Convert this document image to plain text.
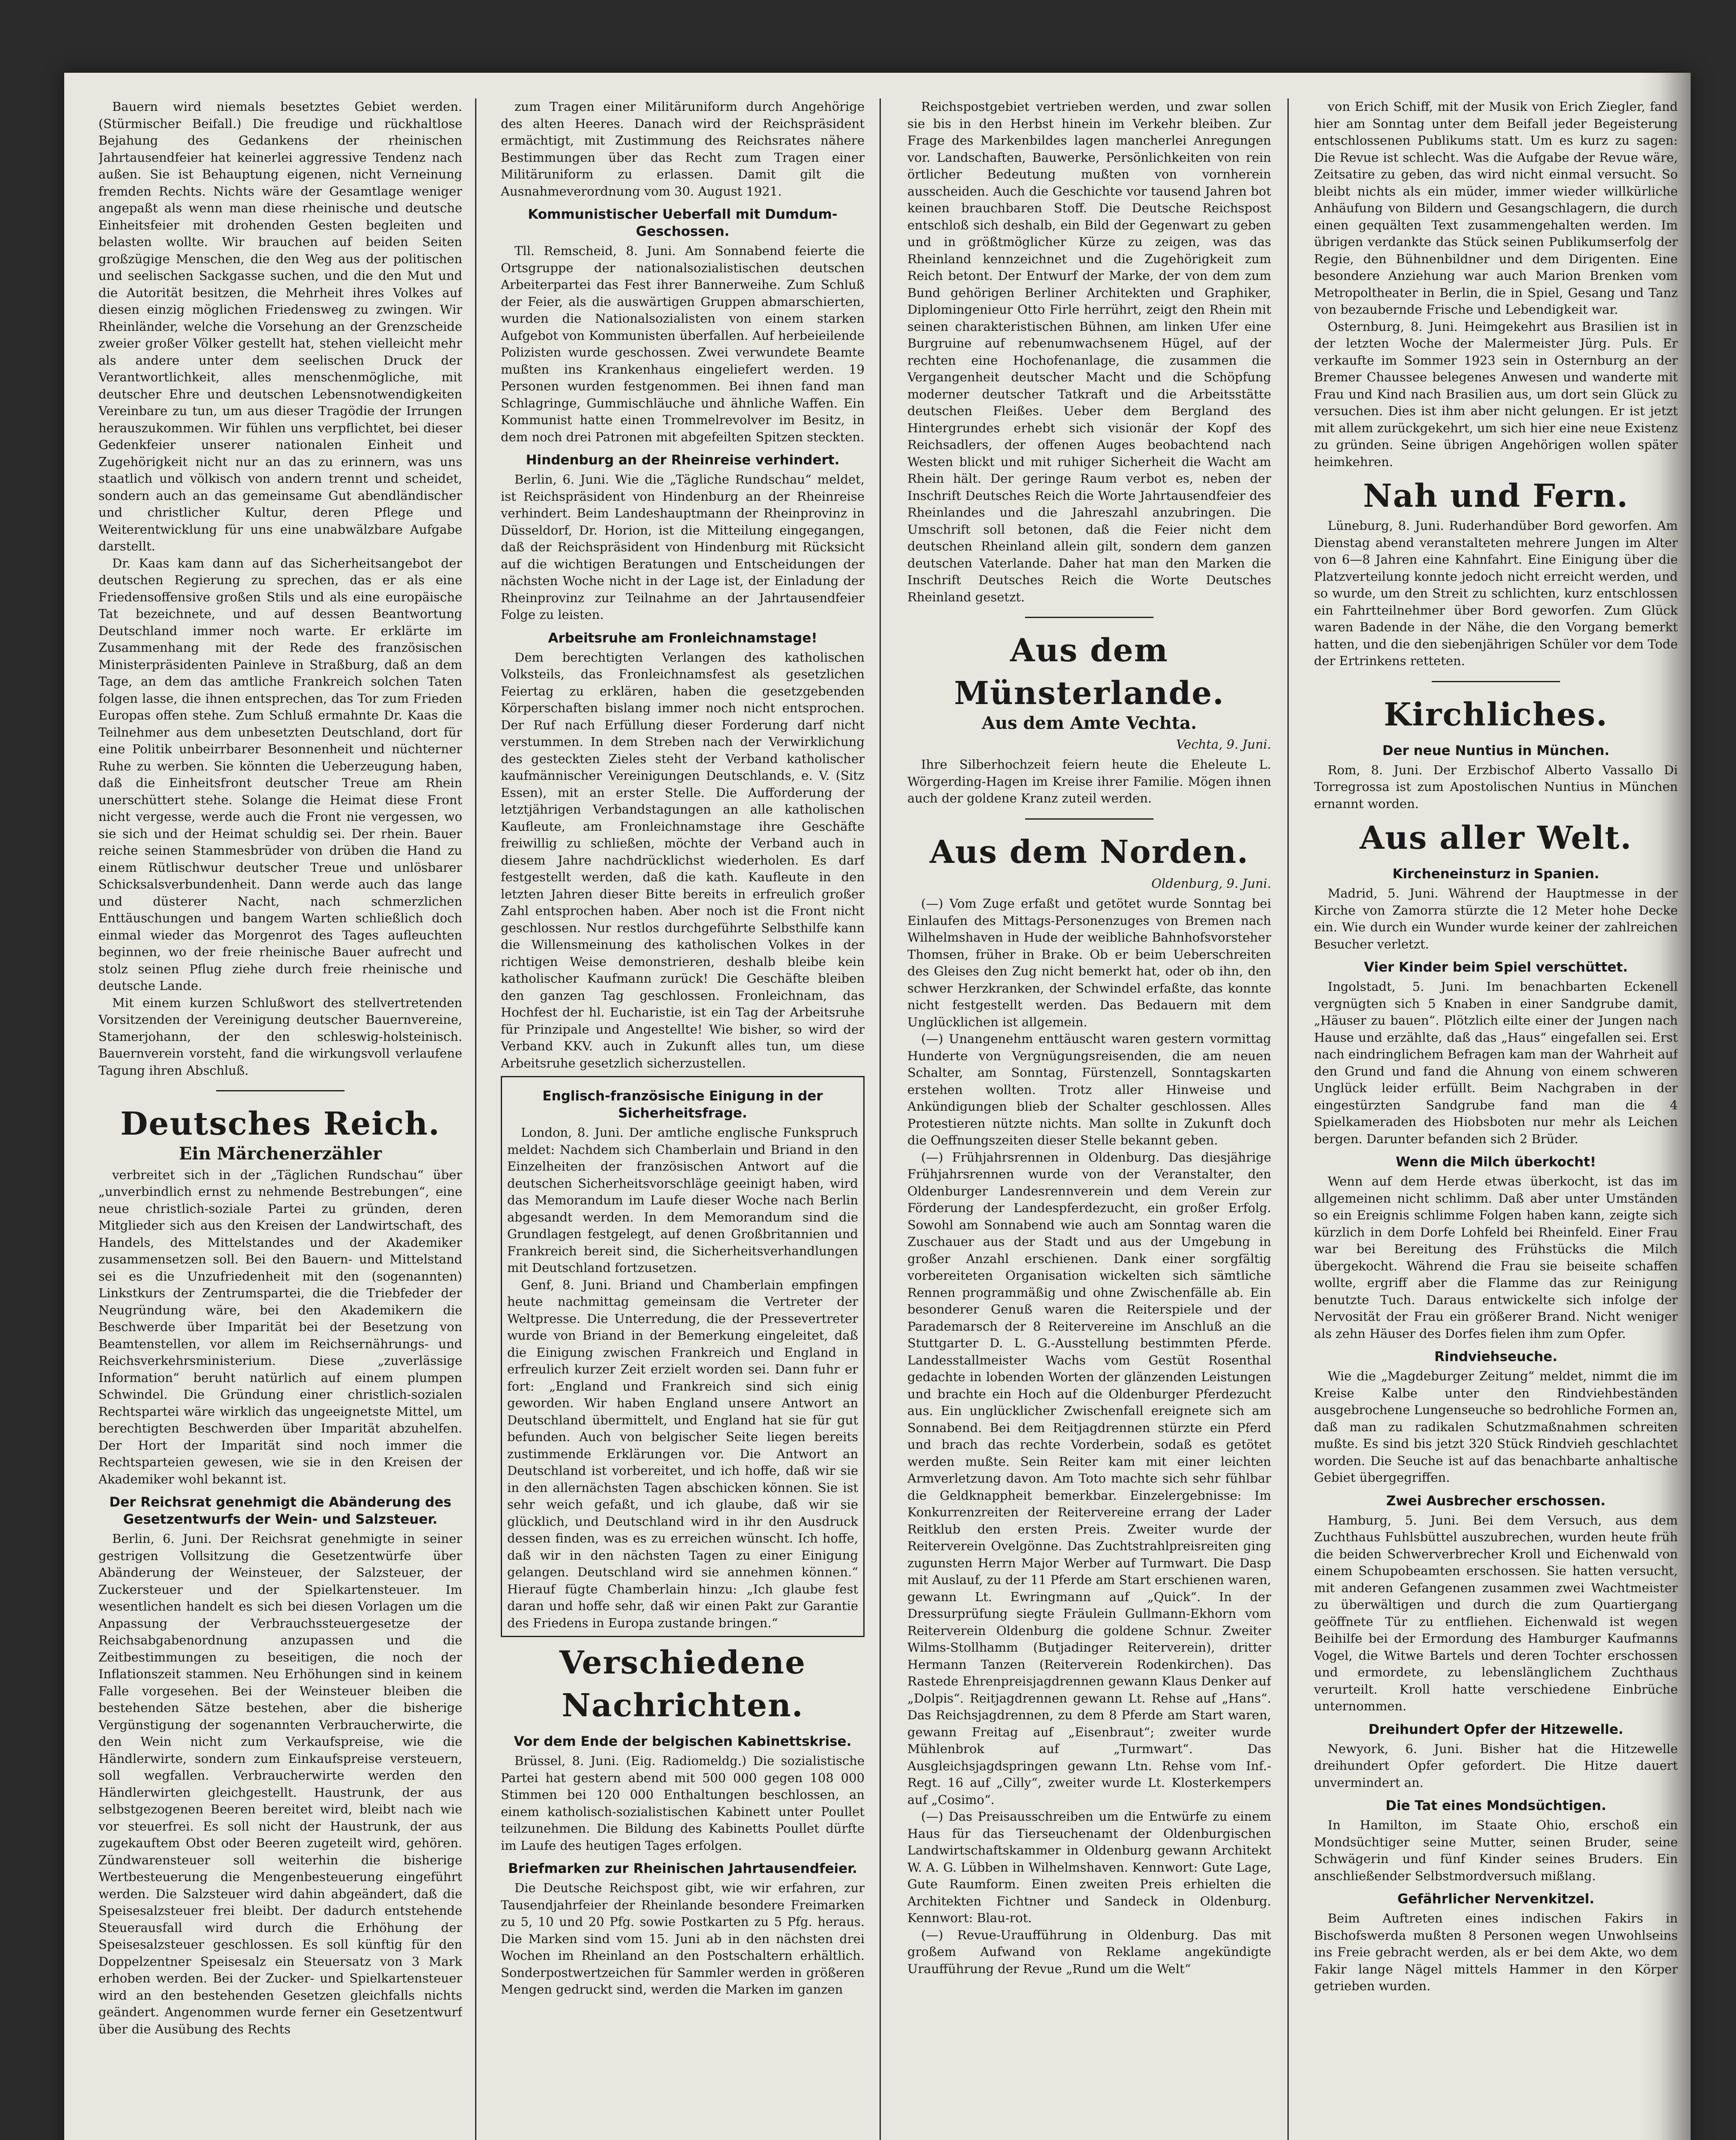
Bauern wird niemals besetztes Gebiet werden. (Stürmischer Beifall.) Die freudige und rückhaltlose Bejahung des Gedankens der rheinischen Jahrtausendfeier hat keinerlei aggressive Tendenz nach außen. Sie ist Behauptung eigenen, nicht Verneinung fremden Rechts. Nichts wäre der Gesamtlage weniger angepaßt als wenn man diese rheinische und deutsche Einheitsfeier mit drohenden Gesten begleiten und belasten wollte. Wir brauchen auf beiden Seiten großzügige Menschen, die den Weg aus der politischen und seelischen Sackgasse suchen, und die den Mut und die Autorität besitzen, die Mehrheit ihres Volkes auf diesen einzig möglichen Friedensweg zu zwingen. Wir Rheinländer, welche die Vorsehung an der Grenzscheide zweier großer Völker gestellt hat, stehen vielleicht mehr als andere unter dem seelischen Druck der Verantwortlichkeit, alles menschenmögliche, mit deutscher Ehre und deutschen Lebensnotwendigkeiten Vereinbare zu tun, um aus dieser Tragödie der Irrungen herauszukommen. Wir fühlen uns verpflichtet, bei dieser Gedenkfeier unserer nationalen Einheit und Zugehörigkeit nicht nur an das zu erinnern, was uns staatlich und völkisch von andern trennt und scheidet, sondern auch an das gemeinsame Gut abendländischer und christlicher Kultur, deren Pflege und Weiterentwicklung für uns eine unabwälzbare Aufgabe darstellt.

Dr. Kaas kam dann auf das Sicherheitsangebot der deutschen Regierung zu sprechen, das er als eine Friedensoffensive großen Stils und als eine europäische Tat bezeichnete, und auf dessen Beantwortung Deutschland immer noch warte. Er erklärte im Zusammenhang mit der Rede des französischen Ministerpräsidenten Painleve in Straßburg, daß an dem Tage, an dem das amtliche Frankreich solchen Taten folgen lasse, die ihnen entsprechen, das Tor zum Frieden Europas offen stehe. Zum Schluß ermahnte Dr. Kaas die Teilnehmer aus dem unbesetzten Deutschland, dort für eine Politik unbeirrbarer Besonnenheit und nüchterner Ruhe zu werben. Sie könnten die Ueberzeugung haben, daß die Einheitsfront deutscher Treue am Rhein unerschüttert stehe. Solange die Heimat diese Front nicht vergesse, werde auch die Front nie vergessen, wo sie sich und der Heimat schuldig sei. Der rhein. Bauer reiche seinen Stammesbrüder von drüben die Hand zu einem Rütlischwur deutscher Treue und unlösbarer Schicksalsverbundenheit. Dann werde auch das lange und düsterer Nacht, nach schmerzlichen Enttäuschungen und bangem Warten schließlich doch einmal wieder das Morgenrot des Tages aufleuchten beginnen, wo der freie rheinische Bauer aufrecht und stolz seinen Pflug ziehe durch freie rheinische und deutsche Lande.

Mit einem kurzen Schlußwort des stellvertretenden Vorsitzenden der Vereinigung deutscher Bauernvereine, Stamerjohann, der den schleswig-holsteinisch. Bauernverein vorsteht, fand die wirkungsvoll verlaufene Tagung ihren Abschluß.

Deutsches Reich.
Ein Märchenerzähler

verbreitet sich in der „Täglichen Rundschau“ über „unverbindlich ernst zu nehmende Bestrebungen“, eine neue christlich-soziale Partei zu gründen, deren Mitglieder sich aus den Kreisen der Landwirtschaft, des Handels, des Mittelstandes und der Akademiker zusammensetzen soll. Bei den Bauern- und Mittelstand sei es die Unzufriedenheit mit den (sogenannten) Linkstkurs der Zentrumspartei, die die Triebfeder der Neugründung wäre, bei den Akademikern die Beschwerde über Imparität bei der Besetzung von Beamtenstellen, vor allem im Reichsernährungs- und Reichsverkehrsministerium. Diese „zuverlässige Information“ beruht natürlich auf einem plumpen Schwindel. Die Gründung einer christlich-sozialen Rechtspartei wäre wirklich das ungeeignetste Mittel, um berechtigten Beschwerden über Imparität abzuhelfen. Der Hort der Imparität sind noch immer die Rechtsparteien gewesen, wie sie in den Kreisen der Akademiker wohl bekannt ist.

Der Reichsrat genehmigt die Abänderung des Gesetzentwurfs der Wein- und Salzsteuer.

Berlin, 6. Juni. Der Reichsrat genehmigte in seiner gestrigen Vollsitzung die Gesetzentwürfe über Abänderung der Weinsteuer, der Salzsteuer, der Zuckersteuer und der Spielkartensteuer. Im wesentlichen handelt es sich bei diesen Vorlagen um die Anpassung der Verbrauchssteuergesetze der Reichsabgabenordnung anzupassen und die Zeitbestimmungen zu beseitigen, die noch der Inflationszeit stammen. Neu Erhöhungen sind in keinem Falle vorgesehen. Bei der Weinsteuer bleiben die bestehenden Sätze bestehen, aber die bisherige Vergünstigung der sogenannten Verbraucherwirte, die den Wein nicht zum Verkaufspreise, wie die Händlerwirte, sondern zum Einkaufspreise versteuern, soll wegfallen. Verbraucherwirte werden den Händlerwirten gleichgestellt. Haustrunk, der aus selbstgezogenen Beeren bereitet wird, bleibt nach wie vor steuerfrei. Es soll nicht der Haustrunk, der aus zugekauftem Obst oder Beeren zugeteilt wird, gehören. Zündwarensteuer soll weiterhin die bisherige Wertbesteuerung die Mengenbesteuerung eingeführt werden. Die Salzsteuer wird dahin abgeändert, daß die Speisesalzsteuer frei bleibt. Der dadurch entstehende Steuerausfall wird durch die Erhöhung der Speisesalzsteuer geschlossen. Es soll künftig für den Doppelzentner Speisesalz ein Steuersatz von 3 Mark erhoben werden. Bei der Zucker- und Spielkartensteuer wird an den bestehenden Gesetzen gleichfalls nichts geändert. Angenommen wurde ferner ein Gesetzentwurf über die Ausübung des Rechts

zum Tragen einer Militäruniform durch Angehörige des alten Heeres. Danach wird der Reichspräsident ermächtigt, mit Zustimmung des Reichsrates nähere Bestimmungen über das Recht zum Tragen einer Militäruniform zu erlassen. Damit gilt die Ausnahmeverordnung vom 30. August 1921.

Kommunistischer Ueberfall mit Dumdum-Geschossen.

Tll. Remscheid, 8. Juni. Am Sonnabend feierte die Ortsgruppe der nationalsozialistischen deutschen Arbeiterpartei das Fest ihrer Bannerweihe. Zum Schluß der Feier, als die auswärtigen Gruppen abmarschierten, wurden die Nationalsozialisten von einem starken Aufgebot von Kommunisten überfallen. Auf herbeieilende Polizisten wurde geschossen. Zwei verwundete Beamte mußten ins Krankenhaus eingeliefert werden. 19 Personen wurden festgenommen. Bei ihnen fand man Schlagringe, Gummischläuche und ähnliche Waffen. Ein Kommunist hatte einen Trommelrevolver im Besitz, in dem noch drei Patronen mit abgefeilten Spitzen steckten.

Hindenburg an der Rheinreise verhindert.

Berlin, 6. Juni. Wie die „Tägliche Rundschau“ meldet, ist Reichspräsident von Hindenburg an der Rheinreise verhindert. Beim Landeshauptmann der Rheinprovinz in Düsseldorf, Dr. Horion, ist die Mitteilung eingegangen, daß der Reichspräsident von Hindenburg mit Rücksicht auf die wichtigen Beratungen und Entscheidungen der nächsten Woche nicht in der Lage ist, der Einladung der Rheinprovinz zur Teilnahme an der Jahrtausendfeier Folge zu leisten.

Arbeitsruhe am Fronleichnamstage!

Dem berechtigten Verlangen des katholischen Volksteils, das Fronleichnamsfest als gesetzlichen Feiertag zu erklären, haben die gesetzgebenden Körperschaften bislang immer noch nicht entsprochen. Der Ruf nach Erfüllung dieser Forderung darf nicht verstummen. In dem Streben nach der Verwirklichung des gesteckten Zieles steht der Verband katholischer kaufmännischer Vereinigungen Deutschlands, e. V. (Sitz Essen), mit an erster Stelle. Die Aufforderung der letztjährigen Verbandstagungen an alle katholischen Kaufleute, am Fronleichnamstage ihre Geschäfte freiwillig zu schließen, möchte der Verband auch in diesem Jahre nachdrücklichst wiederholen. Es darf festgestellt werden, daß die kath. Kaufleute in den letzten Jahren dieser Bitte bereits in erfreulich großer Zahl entsprochen haben. Aber noch ist die Front nicht geschlossen. Nur restlos durchgeführte Selbsthilfe kann die Willensmeinung des katholischen Volkes in der richtigen Weise demonstrieren, deshalb bleibe kein katholischer Kaufmann zurück! Die Geschäfte bleiben den ganzen Tag geschlossen. Fronleichnam, das Hochfest der hl. Eucharistie, ist ein Tag der Arbeitsruhe für Prinzipale und Angestellte! Wie bisher, so wird der Verband KKV. auch in Zukunft alles tun, um diese Arbeitsruhe gesetzlich sicherzustellen.

Englisch-französische Einigung in der Sicherheitsfrage.

London, 8. Juni. Der amtliche englische Funkspruch meldet: Nachdem sich Chamberlain und Briand in den Einzelheiten der französischen Antwort auf die deutschen Sicherheitsvorschläge geeinigt haben, wird das Memorandum im Laufe dieser Woche nach Berlin abgesandt werden. In dem Memorandum sind die Grundlagen festgelegt, auf denen Großbritannien und Frankreich bereit sind, die Sicherheitsverhandlungen mit Deutschland fortzusetzen.

Genf, 8. Juni. Briand und Chamberlain empfingen heute nachmittag gemeinsam die Vertreter der Weltpresse. Die Unterredung, die der Pressevertreter wurde von Briand in der Bemerkung eingeleitet, daß die Einigung zwischen Frankreich und England in erfreulich kurzer Zeit erzielt worden sei. Dann fuhr er fort: „England und Frankreich sind sich einig geworden. Wir haben England unsere Antwort an Deutschland übermittelt, und England hat sie für gut befunden. Auch von belgischer Seite liegen bereits zustimmende Erklärungen vor. Die Antwort an Deutschland ist vorbereitet, und ich hoffe, daß wir sie in den allernächsten Tagen abschicken können. Sie ist sehr weich gefaßt, und ich glaube, daß wir sie glücklich, und Deutschland wird in ihr den Ausdruck dessen finden, was es zu erreichen wünscht. Ich hoffe, daß wir in den nächsten Tagen zu einer Einigung gelangen. Deutschland wird sie annehmen können.“ Hierauf fügte Chamberlain hinzu: „Ich glaube fest daran und hoffe sehr, daß wir einen Pakt zur Garantie des Friedens in Europa zustande bringen.“

Verschiedene Nachrichten.
Vor dem Ende der belgischen Kabinettskrise.

Brüssel, 8. Juni. (Eig. Radiomeldg.) Die sozialistische Partei hat gestern abend mit 500 000 gegen 108 000 Stimmen bei 120 000 Enthaltungen beschlossen, an einem katholisch-sozialistischen Kabinett unter Poullet teilzunehmen. Die Bildung des Kabinetts Poullet dürfte im Laufe des heutigen Tages erfolgen.

Briefmarken zur Rheinischen Jahrtausendfeier.

Die Deutsche Reichspost gibt, wie wir erfahren, zur Tausendjahrfeier der Rheinlande besondere Freimarken zu 5, 10 und 20 Pfg. sowie Postkarten zu 5 Pfg. heraus. Die Marken sind vom 15. Juni ab in den nächsten drei Wochen im Rheinland an den Postschaltern erhältlich. Sonderpostwertzeichen für Sammler werden in größeren Mengen gedruckt sind, werden die Marken im ganzen

Reichspostgebiet vertrieben werden, und zwar sollen sie bis in den Herbst hinein im Verkehr bleiben. Zur Frage des Markenbildes lagen mancherlei Anregungen vor. Landschaften, Bauwerke, Persönlichkeiten von rein örtlicher Bedeutung mußten von vornherein ausscheiden. Auch die Geschichte vor tausend Jahren bot keinen brauchbaren Stoff. Die Deutsche Reichspost entschloß sich deshalb, ein Bild der Gegenwart zu geben und in größtmöglicher Kürze zu zeigen, was das Rheinland kennzeichnet und die Zugehörigkeit zum Reich betont. Der Entwurf der Marke, der von dem zum Bund gehörigen Berliner Architekten und Graphiker, Diplomingenieur Otto Firle herrührt, zeigt den Rhein mit seinen charakteristischen Bühnen, am linken Ufer eine Burgruine auf rebenumwachsenem Hügel, auf der rechten eine Hochofenanlage, die zusammen die Vergangenheit deutscher Macht und die Schöpfung moderner deutscher Tatkraft und die Arbeitsstätte deutschen Fleißes. Ueber dem Bergland des Hintergrundes erhebt sich visionär der Kopf des Reichsadlers, der offenen Auges beobachtend nach Westen blickt und mit ruhiger Sicherheit die Wacht am Rhein hält. Der geringe Raum verbot es, neben der Inschrift Deutsches Reich die Worte Jahrtausendfeier des Rheinlandes und die Jahreszahl anzubringen. Die Umschrift soll betonen, daß die Feier nicht dem deutschen Rheinland allein gilt, sondern dem ganzen deutschen Vaterlande. Daher hat man den Marken die Inschrift Deutsches Reich die Worte Deutsches Rheinland gesetzt.

Aus dem Münsterlande.
Aus dem Amte Vechta.
Vechta, 9. Juni.

Ihre Silberhochzeit feiern heute die Eheleute L. Wörgerding-Hagen im Kreise ihrer Familie. Mögen ihnen auch der goldene Kranz zuteil werden.

Aus dem Norden.
Oldenburg, 9. Juni.

(—) Vom Zuge erfaßt und getötet wurde Sonntag bei Einlaufen des Mittags-Personenzuges von Bremen nach Wilhelmshaven in Hude der weibliche Bahnhofsvorsteher Thomsen, früher in Brake. Ob er beim Ueberschreiten des Gleises den Zug nicht bemerkt hat, oder ob ihn, den schwer Herzkranken, der Schwindel erfaßte, das konnte nicht festgestellt werden. Das Bedauern mit dem Unglücklichen ist allgemein.

(—) Unangenehm enttäuscht waren gestern vormittag Hunderte von Vergnügungsreisenden, die am neuen Schalter, am Sonntag, Fürstenzell, Sonntagskarten erstehen wollten. Trotz aller Hinweise und Ankündigungen blieb der Schalter geschlossen. Alles Protestieren nützte nichts. Man sollte in Zukunft doch die Oeffnungszeiten dieser Stelle bekannt geben.

(—) Frühjahrsrennen in Oldenburg. Das diesjährige Frühjahrsrennen wurde von der Veranstalter, den Oldenburger Landesrennverein und dem Verein zur Förderung der Landespferdezucht, ein großer Erfolg. Sowohl am Sonnabend wie auch am Sonntag waren die Zuschauer aus der Stadt und aus der Umgebung in großer Anzahl erschienen. Dank einer sorgfältig vorbereiteten Organisation wickelten sich sämtliche Rennen programmäßig und ohne Zwischenfälle ab. Ein besonderer Genuß waren die Reiterspiele und der Parademarsch der 8 Reitervereine im Anschluß an die Stuttgarter D. L. G.-Ausstellung bestimmten Pferde. Landesstallmeister Wachs vom Gestüt Rosenthal gedachte in lobenden Worten der glänzenden Leistungen und brachte ein Hoch auf die Oldenburger Pferdezucht aus. Ein unglücklicher Zwischenfall ereignete sich am Sonnabend. Bei dem Reitjagdrennen stürzte ein Pferd und brach das rechte Vorderbein, sodaß es getötet werden mußte. Sein Reiter kam mit einer leichten Armverletzung davon. Am Toto machte sich sehr fühlbar die Geldknappheit bemerkbar. Einzelergebnisse: Im Konkurrenzreiten der Reitervereine errang der Lader Reitklub den ersten Preis. Zweiter wurde der Reiterverein Ovelgönne. Das Zuchtstrahlpreisreiten ging zugunsten Herrn Major Werber auf Turmwart. Die Dasp mit Auslauf, zu der 11 Pferde am Start erschienen waren, gewann Lt. Ewringmann auf „Quick“. In der Dressurprüfung siegte Fräulein Gullmann-Ekhorn vom Reiterverein Oldenburg die goldene Schnur. Zweiter Wilms-Stollhamm (Butjadinger Reiterverein), dritter Hermann Tanzen (Reiterverein Rodenkirchen). Das Rastede Ehrenpreisjagdrennen gewann Klaus Denker auf „Dolpis“. Reitjagdrennen gewann Lt. Rehse auf „Hans“. Das Reichsjagdrennen, zu dem 8 Pferde am Start waren, gewann Freitag auf „Eisenbraut“; zweiter wurde Mühlenbrok auf „Turmwart“. Das Ausgleichsjagdspringen gewann Ltn. Rehse vom Inf.-Regt. 16 auf „Cilly“, zweiter wurde Lt. Klosterkempers auf „Cosimo“.

(—) Das Preisausschreiben um die Entwürfe zu einem Haus für das Tierseuchenamt der Oldenburgischen Landwirtschaftskammer in Oldenburg gewann Architekt W. A. G. Lübben in Wilhelmshaven. Kennwort: Gute Lage, Gute Raumform. Einen zweiten Preis erhielten die Architekten Fichtner und Sandeck in Oldenburg. Kennwort: Blau-rot.

(—) Revue-Uraufführung in Oldenburg. Das mit großem Aufwand von Reklame angekündigte Uraufführung der Revue „Rund um die Welt“

von Erich Schiff, mit der Musik von Erich Ziegler, fand hier am Sonntag unter dem Beifall jeder Begeisterung entschlossenen Publikums statt. Um es kurz zu sagen: Die Revue ist schlecht. Was die Aufgabe der Revue wäre, Zeitsatire zu geben, das wird nicht einmal versucht. So bleibt nichts als ein müder, immer wieder willkürliche Anhäufung von Bildern und Gesangschlagern, die durch einen gequälten Text zusammengehalten werden. Im übrigen verdankte das Stück seinen Publikumserfolg der Regie, den Bühnenbildner und dem Dirigenten. Eine besondere Anziehung war auch Marion Brenken vom Metropoltheater in Berlin, die in Spiel, Gesang und Tanz von bezaubernde Frische und Lebendigkeit war.

Osternburg, 8. Juni. Heimgekehrt aus Brasilien ist in der letzten Woche der Malermeister Jürg. Puls. Er verkaufte im Sommer 1923 sein in Osternburg an der Bremer Chaussee belegenes Anwesen und wanderte mit Frau und Kind nach Brasilien aus, um dort sein Glück zu versuchen. Dies ist ihm aber nicht gelungen. Er ist jetzt mit allem zurückgekehrt, um sich hier eine neue Existenz zu gründen. Seine übrigen Angehörigen wollen später heimkehren.

Nah und Fern.

Lüneburg, 8. Juni. Ruderhandüber Bord geworfen. Am Dienstag abend veranstalteten mehrere Jungen im Alter von 6—8 Jahren eine Kahnfahrt. Eine Einigung über die Platzverteilung konnte jedoch nicht erreicht werden, und so wurde, um den Streit zu schlichten, kurz entschlossen ein Fahrtteilnehmer über Bord geworfen. Zum Glück waren Badende in der Nähe, die den Vorgang bemerkt hatten, und die den siebenjährigen Schüler vor dem Tode der Ertrinkens retteten.

Kirchliches.
Der neue Nuntius in München.

Rom, 8. Juni. Der Erzbischof Alberto Vassallo Di Torregrossa ist zum Apostolischen Nuntius in München ernannt worden.

Aus aller Welt.
Kircheneinsturz in Spanien.

Madrid, 5. Juni. Während der Hauptmesse in der Kirche von Zamorra stürzte die 12 Meter hohe Decke ein. Wie durch ein Wunder wurde keiner der zahlreichen Besucher verletzt.

Vier Kinder beim Spiel verschüttet.

Ingolstadt, 5. Juni. Im benachbarten Eckenell vergnügten sich 5 Knaben in einer Sandgrube damit, „Häuser zu bauen“. Plötzlich eilte einer der Jungen nach Hause und erzählte, daß das „Haus“ eingefallen sei. Erst nach eindringlichem Befragen kam man der Wahrheit auf den Grund und fand die Ahnung von einem schweren Unglück leider erfüllt. Beim Nachgraben in der eingestürzten Sandgrube fand man die 4 Spielkameraden des Hiobsboten nur mehr als Leichen bergen. Darunter befanden sich 2 Brüder.

Wenn die Milch überkocht!

Wenn auf dem Herde etwas überkocht, ist das im allgemeinen nicht schlimm. Daß aber unter Umständen so ein Ereignis schlimme Folgen haben kann, zeigte sich kürzlich in dem Dorfe Lohfeld bei Rheinfeld. Einer Frau war bei Bereitung des Frühstücks die Milch übergekocht. Während die Frau sie beiseite schaffen wollte, ergriff aber die Flamme das zur Reinigung benutzte Tuch. Daraus entwickelte sich infolge der Nervosität der Frau ein größerer Brand. Nicht weniger als zehn Häuser des Dorfes fielen ihm zum Opfer.

Rindviehseuche.

Wie die „Magdeburger Zeitung“ meldet, nimmt die im Kreise Kalbe unter den Rindviehbeständen ausgebrochene Lungenseuche so bedrohliche Formen an, daß man zu radikalen Schutzmaßnahmen schreiten mußte. Es sind bis jetzt 320 Stück Rindvieh geschlachtet worden. Die Seuche ist auf das benachbarte anhaltische Gebiet übergegriffen.

Zwei Ausbrecher erschossen.

Hamburg, 5. Juni. Bei dem Versuch, aus dem Zuchthaus Fuhlsbüttel auszubrechen, wurden heute früh die beiden Schwerverbrecher Kroll und Eichenwald von einem Schupobeamten erschossen. Sie hatten versucht, mit anderen Gefangenen zusammen zwei Wachtmeister zu überwältigen und durch die zum Quartiergang geöffnete Tür zu entfliehen. Eichenwald ist wegen Beihilfe bei der Ermordung des Hamburger Kaufmanns Vogel, die Witwe Bartels und deren Tochter erschossen und ermordete, zu lebenslänglichem Zuchthaus verurteilt. Kroll hatte verschiedene Einbrüche unternommen.

Dreihundert Opfer der Hitzewelle.

Newyork, 6. Juni. Bisher hat die Hitzewelle dreihundert Opfer gefordert. Die Hitze dauert unvermindert an.

Die Tat eines Mondsüchtigen.

In Hamilton, im Staate Ohio, erschoß ein Mondsüchtiger seine Mutter, seinen Bruder, seine Schwägerin und fünf Kinder seines Bruders. Ein anschließender Selbstmordversuch mißlang.

Gefährlicher Nervenkitzel.

Beim Auftreten eines indischen Fakirs in Bischofswerda mußten 8 Personen wegen Unwohlseins ins Freie gebracht werden, als er bei dem Akte, wo dem Fakir lange Nägel mittels Hammer in den Körper getrieben wurden.
